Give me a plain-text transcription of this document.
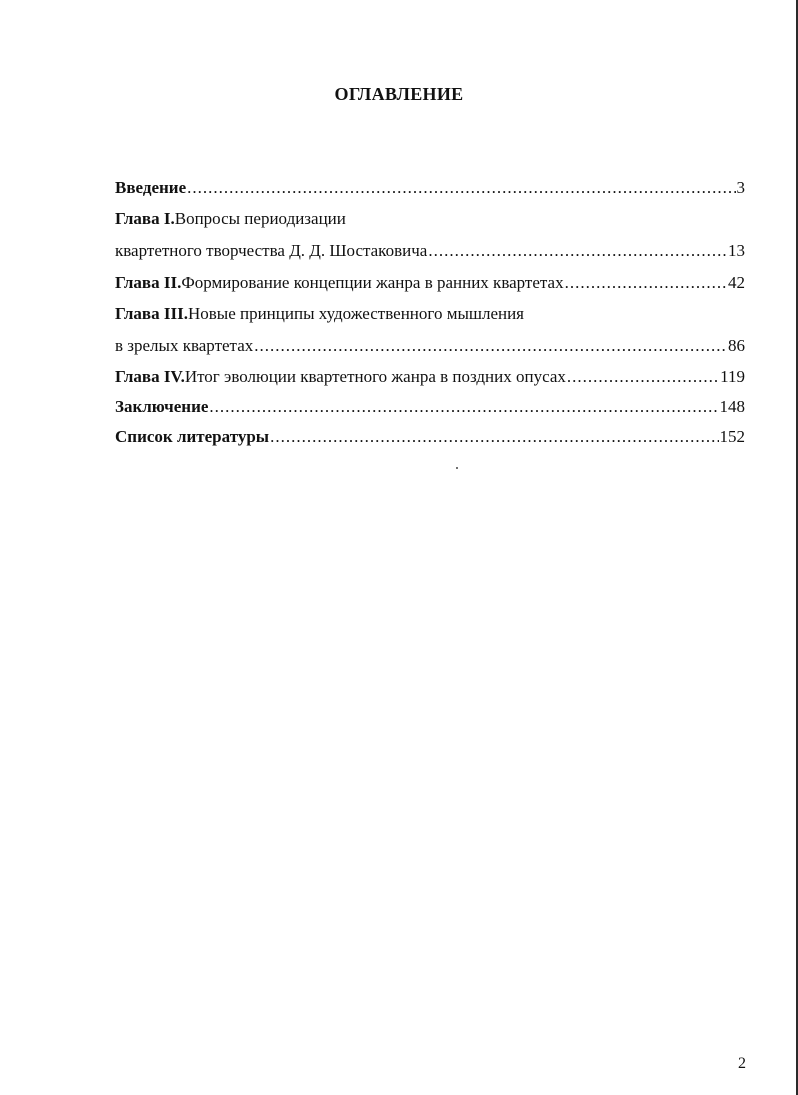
ОГЛАВЛЕНИЕ
Введение .....	3
Глава I. Вопросы периодизации
квартетного творчества Д. Д. Шостаковича .....	13
Глава II. Формирование концепции жанра в ранних квартетах .....	42
Глава III. Новые принципы художественного мышления
в зрелых квартетах .....	86
Глава IV. Итог эволюции квартетного жанра в поздних опусах .....	119
Заключение .....	148
Список литературы .....	152
2
